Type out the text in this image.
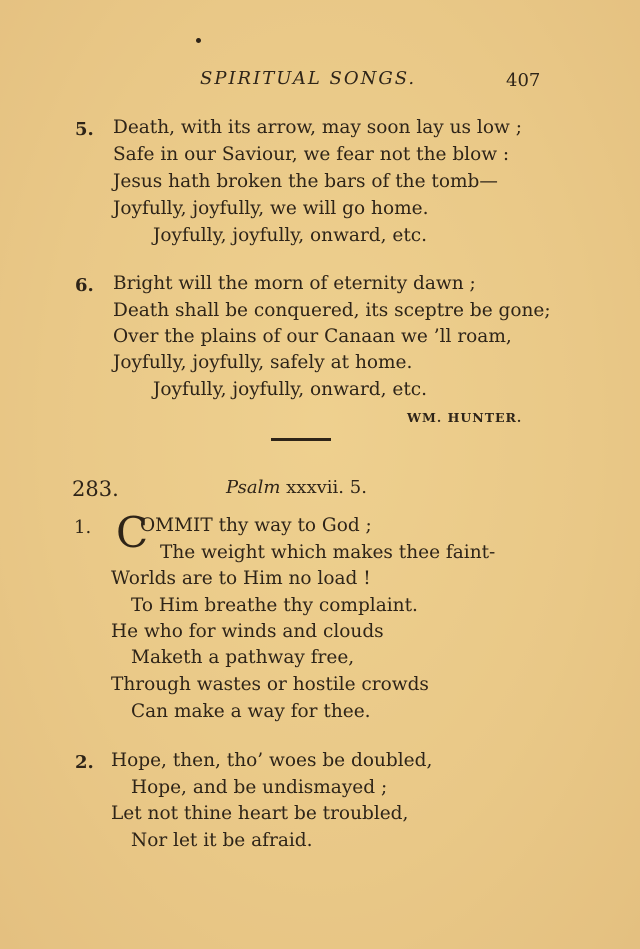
SPIRITUAL SONGS.	407
5. Death, with its arrow, may soon lay us low ;
Safe in our Saviour, we fear not the blow :
Jesus hath broken the bars of the tomb—
Joyfully, joyfully, we will go home.
Joyfully, joyfully, onward, etc.
6. Bright will the morn of eternity dawn ;
Death shall be conquered, its sceptre be gone;
Over the plains of our Canaan we ’ll roam,
Joyfully, joyfully, safely at home.
Joyfully, joyfully, onward, etc.
WM. HUNTER.
283.	Psalm xxxvii. 5.
1. C
OMMIT thy way to God ;
The weight which makes thee faint-
Worlds are to Him no load !
To Him breathe thy complaint.
He who for winds and clouds
Maketh a pathway free,
Through wastes or hostile crowds
Can make a way for thee.
2. Hope, then, tho’ woes be doubled,
Hope, and be undismayed ;
Let not thine heart be troubled,
Nor let it be afraid.
